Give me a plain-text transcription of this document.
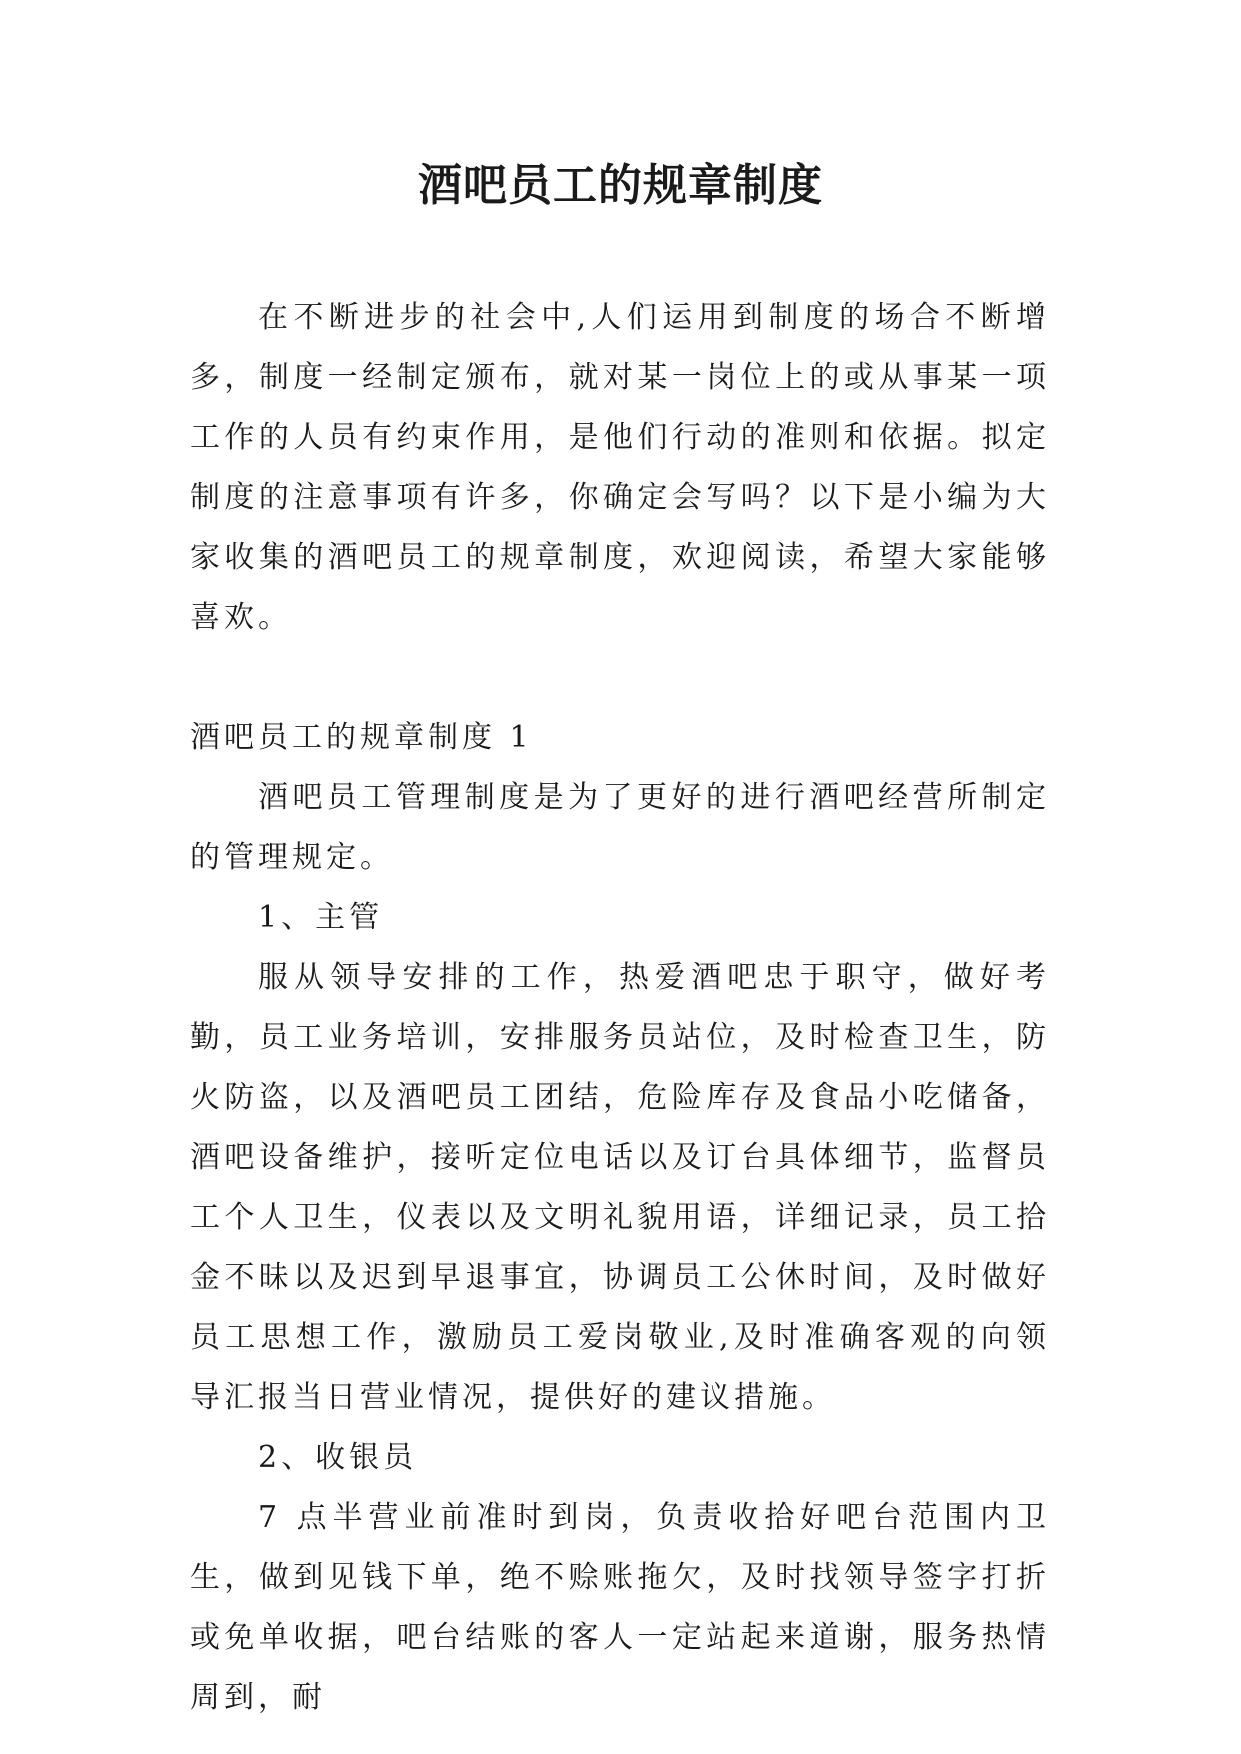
酒吧员工的规章制度

在不断进步的社会中,人们运用到制度的场合不断增多，制度一经制定颁布，就对某一岗位上的或从事某一项工作的人员有约束作用，是他们行动的准则和依据。拟定制度的注意事项有许多，你确定会写吗？以下是小编为大家收集的酒吧员工的规章制度，欢迎阅读，希望大家能够喜欢。

酒吧员工的规章制度 1

酒吧员工管理制度是为了更好的进行酒吧经营所制定的管理规定。

1、主管

服从领导安排的工作，热爱酒吧忠于职守，做好考勤，员工业务培训，安排服务员站位，及时检查卫生，防火防盗，以及酒吧员工团结，危险库存及食品小吃储备，酒吧设备维护，接听定位电话以及订台具体细节，监督员工个人卫生，仪表以及文明礼貌用语，详细记录，员工拾金不昧以及迟到早退事宜，协调员工公休时间，及时做好员工思想工作，激励员工爱岗敬业,及时准确客观的向领导汇报当日营业情况，提供好的建议措施。

2、收银员

7 点半营业前准时到岗，负责收拾好吧台范围内卫生，做到见钱下单，绝不赊账拖欠，及时找领导签字打折或免单收据，吧台结账的客人一定站起来道谢，服务热情周到，耐
